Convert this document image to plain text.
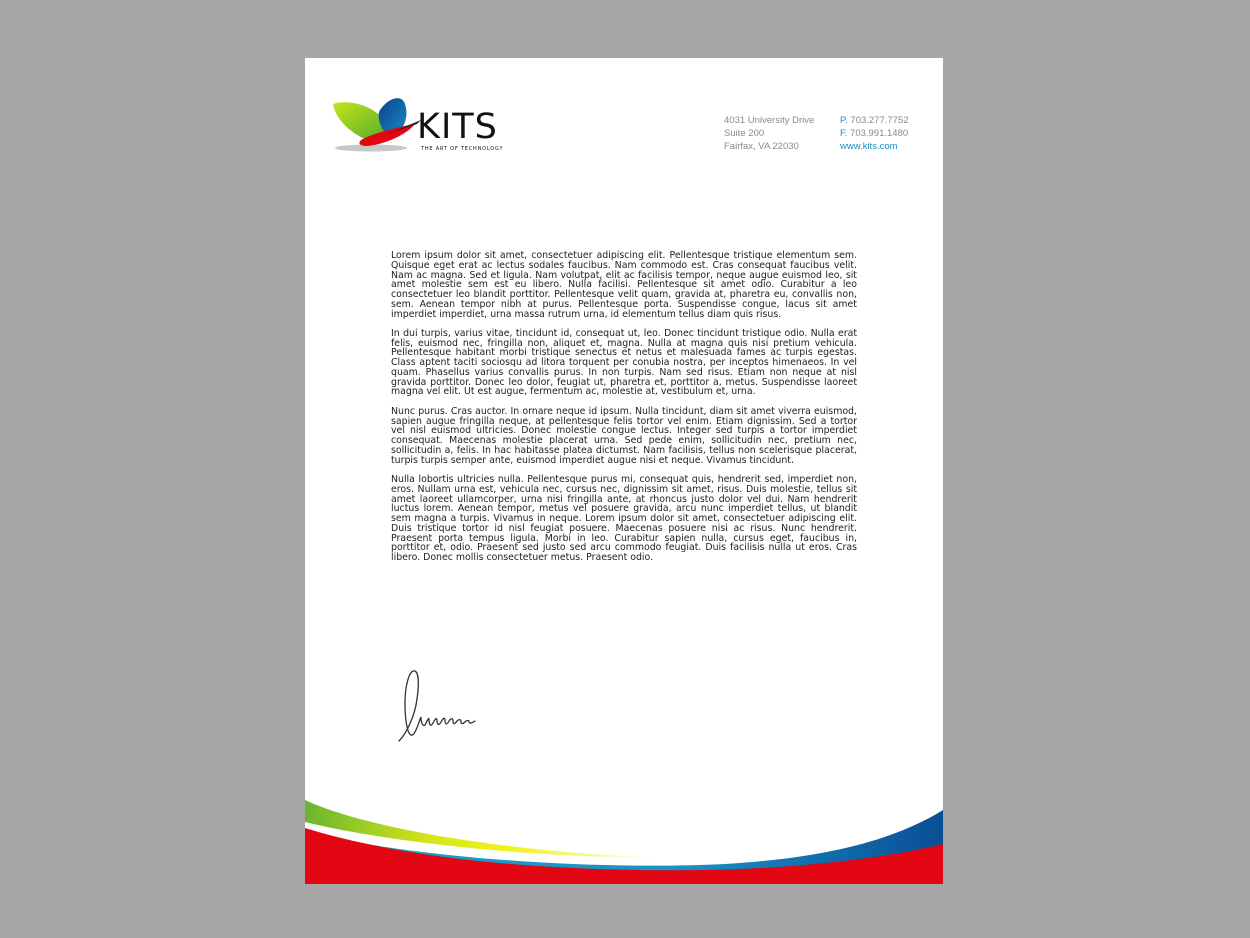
KITS
THE ART OF TECHNOLOGY
4031 University Drive
Suite 200
Fairfax, VA 22030
P. 703.277.7752
F. 703.991.1480
www.kits.com

Lorem ipsum dolor sit amet, consectetuer adipiscing elit. Pellentesque tristique elementum sem. Quisque eget erat ac lectus sodales faucibus. Nam commodo est. Cras consequat faucibus velit. Nam ac magna. Sed et ligula. Nam volutpat, elit ac facilisis tempor, neque augue euismod leo, sit amet molestie sem est eu libero. Nulla facilisi. Pellentesque sit amet odio. Curabitur a leo consectetuer leo blandit porttitor. Pellentesque velit quam, gravida at, pharetra eu, convallis non, sem. Aenean tempor nibh at purus. Pellentesque porta. Suspendisse congue, lacus sit amet imperdiet imperdiet, urna massa rutrum urna, id elementum tellus diam quis risus.

In dui turpis, varius vitae, tincidunt id, consequat ut, leo. Donec tincidunt tristique odio. Nulla erat felis, euismod nec, fringilla non, aliquet et, magna. Nulla at magna quis nisi pretium vehicula. Pellentesque habitant morbi tristique senectus et netus et malesuada fames ac turpis egestas. Class aptent taciti sociosqu ad litora torquent per conubia nostra, per inceptos himenaeos. In vel quam. Phasellus varius convallis purus. In non turpis. Nam sed risus. Etiam non neque at nisl gravida porttitor. Donec leo dolor, feugiat ut, pharetra et, porttitor a, metus. Suspendisse laoreet magna vel elit. Ut est augue, fermentum ac, molestie at, vestibulum et, urna.

Nunc purus. Cras auctor. In ornare neque id ipsum. Nulla tincidunt, diam sit amet viverra euismod, sapien augue fringilla neque, at pellentesque felis tortor vel enim. Etiam dignissim. Sed a tortor vel nisl euismod ultricies. Donec molestie congue lectus. Integer sed turpis a tortor imperdiet consequat. Maecenas molestie placerat urna. Sed pede enim, sollicitudin nec, pretium nec, sollicitudin a, felis. In hac habitasse platea dictumst. Nam facilisis, tellus non scelerisque placerat, turpis turpis semper ante, euismod imperdiet augue nisi et neque. Vivamus tincidunt.

Nulla lobortis ultricies nulla. Pellentesque purus mi, consequat quis, hendrerit sed, imperdiet non, eros. Nullam urna est, vehicula nec, cursus nec, dignissim sit amet, risus. Duis molestie, tellus sit amet laoreet ullamcorper, urna nisi fringilla ante, at rhoncus justo dolor vel dui. Nam hendrerit luctus lorem. Aenean tempor, metus vel posuere gravida, arcu nunc imperdiet tellus, ut blandit sem magna a turpis. Vivamus in neque. Lorem ipsum dolor sit amet, consectetuer adipiscing elit. Duis tristique tortor id nisl feugiat posuere. Maecenas posuere nisi ac risus. Nunc hendrerit. Praesent porta tempus ligula. Morbi in leo. Curabitur sapien nulla, cursus eget, faucibus in, porttitor et, odio. Praesent sed justo sed arcu commodo feugiat. Duis facilisis nulla ut eros. Cras libero. Donec mollis consectetuer metus. Praesent odio.
